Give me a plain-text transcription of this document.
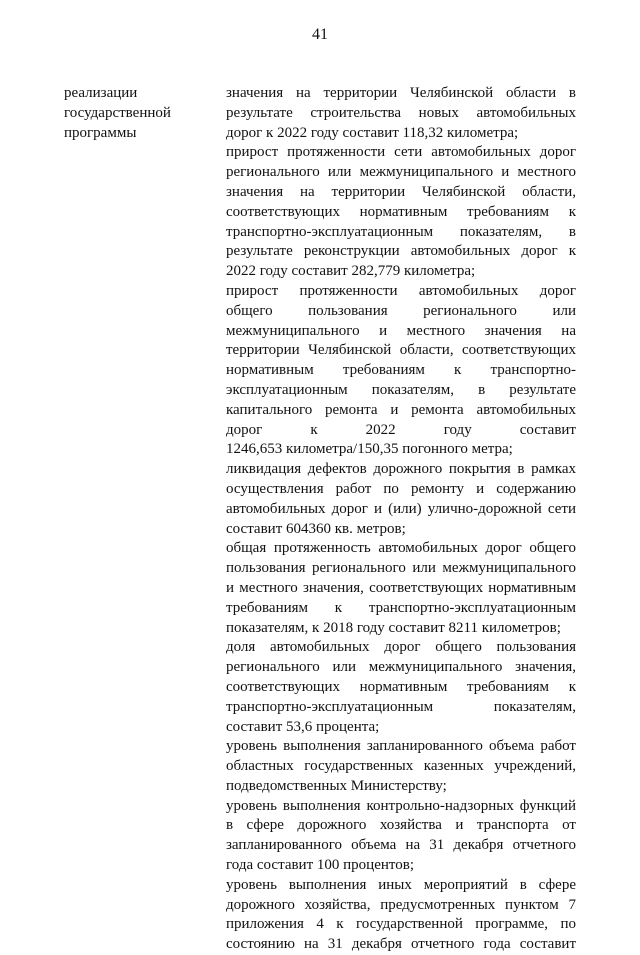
41
реализации
государственной
программы
значения на территории Челябинской области в
результате строительства новых автомобильных
дорог к 2022 году составит 118,32 километра;
прирост протяженности сети автомобильных дорог
регионального или межмуниципального и местного
значения на территории Челябинской области,
соответствующих нормативным требованиям к
транспортно-эксплуатационным показателям, в
результате реконструкции автомобильных дорог к
2022 году составит 282,779 километра;
прирост протяженности автомобильных дорог
общего пользования регионального или
межмуниципального и местного значения на
территории Челябинской области, соответствующих
нормативным требованиям к транспортно-
эксплуатационным показателям, в результате
капитального ремонта и ремонта автомобильных
дорог к 2022 году составит
1246,653 километра/150,35 погонного метра;
ликвидация дефектов дорожного покрытия в рамках
осуществления работ по ремонту и содержанию
автомобильных дорог и (или) улично-дорожной сети
составит 604360 кв. метров;
общая протяженность автомобильных дорог общего
пользования регионального или межмуниципального
и местного значения, соответствующих нормативным
требованиям к транспортно-эксплуатационным
показателям, к 2018 году составит 8211 километров;
доля автомобильных дорог общего пользования
регионального или межмуниципального значения,
соответствующих нормативным требованиям к
транспортно-эксплуатационным показателям,
составит 53,6 процента;
уровень выполнения запланированного объема работ
областных государственных казенных учреждений,
подведомственных Министерству;
уровень выполнения контрольно-надзорных функций
в сфере дорожного хозяйства и транспорта от
запланированного объема на 31 декабря отчетного
года составит 100 процентов;
уровень выполнения иных мероприятий в сфере
дорожного хозяйства, предусмотренных пунктом 7
приложения 4 к государственной программе, по
состоянию на 31 декабря отчетного года составит
